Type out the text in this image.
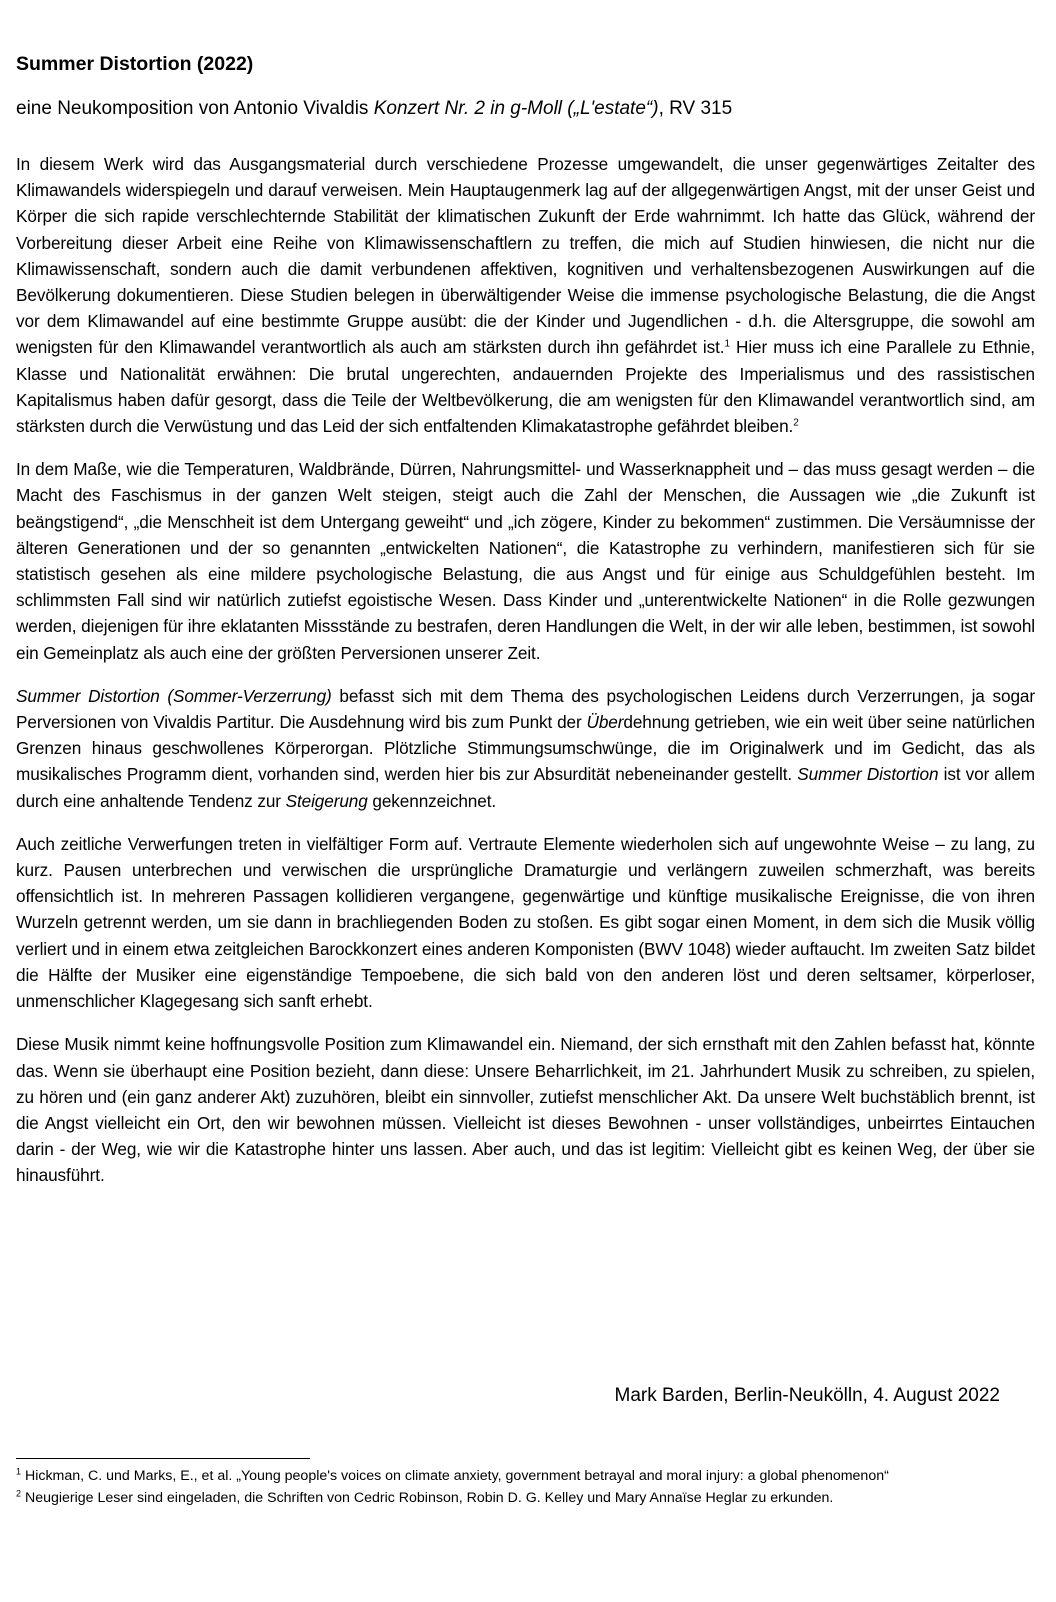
Summer Distortion (2022)
eine Neukomposition von Antonio Vivaldis Konzert Nr. 2 in g-Moll („L'estate“), RV 315

In diesem Werk wird das Ausgangsmaterial durch verschiedene Prozesse umgewandelt, die unser gegenwärtiges Zeitalter des Klimawandels widerspiegeln und darauf verweisen. Mein Hauptaugenmerk lag auf der allgegenwärtigen Angst, mit der unser Geist und Körper die sich rapide verschlechternde Stabilität der klimatischen Zukunft der Erde wahrnimmt. Ich hatte das Glück, während der Vorbereitung dieser Arbeit eine Reihe von Klimawissenschaftlern zu treffen, die mich auf Studien hinwiesen, die nicht nur die Klimawissenschaft, sondern auch die damit verbundenen affektiven, kognitiven und verhaltensbezogenen Auswirkungen auf die Bevölkerung dokumentieren. Diese Studien belegen in überwältigender Weise die immense psychologische Belastung, die die Angst vor dem Klimawandel auf eine bestimmte Gruppe ausübt: die der Kinder und Jugendlichen - d.h. die Altersgruppe, die sowohl am wenigsten für den Klimawandel verantwortlich als auch am stärksten durch ihn gefährdet ist.$^1$ Hier muss ich eine Parallele zu Ethnie, Klasse und Nationalität erwähnen: Die brutal ungerechten, andauernden Projekte des Imperialismus und des rassistischen Kapitalismus haben dafür gesorgt, dass die Teile der Weltbevölkerung, die am wenigsten für den Klimawandel verantwortlich sind, am stärksten durch die Verwüstung und das Leid der sich entfaltenden Klimakatastrophe gefährdet bleiben.$^2$

In dem Maße, wie die Temperaturen, Waldbrände, Dürren, Nahrungsmittel- und Wasserknappheit und – das muss gesagt werden – die Macht des Faschismus in der ganzen Welt steigen, steigt auch die Zahl der Menschen, die Aussagen wie „die Zukunft ist beängstigend“, „die Menschheit ist dem Untergang geweiht“ und „ich zögere, Kinder zu bekommen“ zustimmen. Die Versäumnisse der älteren Generationen und der so genannten „entwickelten Nationen“, die Katastrophe zu verhindern, manifestieren sich für sie statistisch gesehen als eine mildere psychologische Belastung, die aus Angst und für einige aus Schuldgefühlen besteht. Im schlimmsten Fall sind wir natürlich zutiefst egoistische Wesen. Dass Kinder und „unterentwickelte Nationen“ in die Rolle gezwungen werden, diejenigen für ihre eklatanten Missstände zu bestrafen, deren Handlungen die Welt, in der wir alle leben, bestimmen, ist sowohl ein Gemeinplatz als auch eine der größten Perversionen unserer Zeit.

Summer Distortion (Sommer-Verzerrung) befasst sich mit dem Thema des psychologischen Leidens durch Verzerrungen, ja sogar Perversionen von Vivaldis Partitur. Die Ausdehnung wird bis zum Punkt der Überdehnung getrieben, wie ein weit über seine natürlichen Grenzen hinaus geschwollenes Körperorgan. Plötzliche Stimmungsumschwünge, die im Originalwerk und im Gedicht, das als musikalisches Programm dient, vorhanden sind, werden hier bis zur Absurdität nebeneinander gestellt. Summer Distortion ist vor allem durch eine anhaltende Tendenz zur Steigerung gekennzeichnet.

Auch zeitliche Verwerfungen treten in vielfältiger Form auf. Vertraute Elemente wiederholen sich auf ungewohnte Weise – zu lang, zu kurz. Pausen unterbrechen und verwischen die ursprüngliche Dramaturgie und verlängern zuweilen schmerzhaft, was bereits offensichtlich ist. In mehreren Passagen kollidieren vergangene, gegenwärtige und künftige musikalische Ereignisse, die von ihren Wurzeln getrennt werden, um sie dann in brachliegenden Boden zu stoßen. Es gibt sogar einen Moment, in dem sich die Musik völlig verliert und in einem etwa zeitgleichen Barockkonzert eines anderen Komponisten (BWV 1048) wieder auftaucht. Im zweiten Satz bildet die Hälfte der Musiker eine eigenständige Tempoebene, die sich bald von den anderen löst und deren seltsamer, körperloser, unmenschlicher Klagegesang sich sanft erhebt.

Diese Musik nimmt keine hoffnungsvolle Position zum Klimawandel ein. Niemand, der sich ernsthaft mit den Zahlen befasst hat, könnte das. Wenn sie überhaupt eine Position bezieht, dann diese: Unsere Beharrlichkeit, im 21. Jahrhundert Musik zu schreiben, zu spielen, zu hören und (ein ganz anderer Akt) zuzuhören, bleibt ein sinnvoller, zutiefst menschlicher Akt. Da unsere Welt buchstäblich brennt, ist die Angst vielleicht ein Ort, den wir bewohnen müssen. Vielleicht ist dieses Bewohnen - unser vollständiges, unbeirrtes Eintauchen darin - der Weg, wie wir die Katastrophe hinter uns lassen. Aber auch, und das ist legitim: Vielleicht gibt es keinen Weg, der über sie hinausführt.

Mark Barden, Berlin-Neukölln, 4. August 2022
$^1$ Hickman, C. und Marks, E., et al. „Young people's voices on climate anxiety, government betrayal and moral injury: a global phenomenon“
$^2$ Neugierige Leser sind eingeladen, die Schriften von Cedric Robinson, Robin D. G. Kelley und Mary Annaïse Heglar zu erkunden.
